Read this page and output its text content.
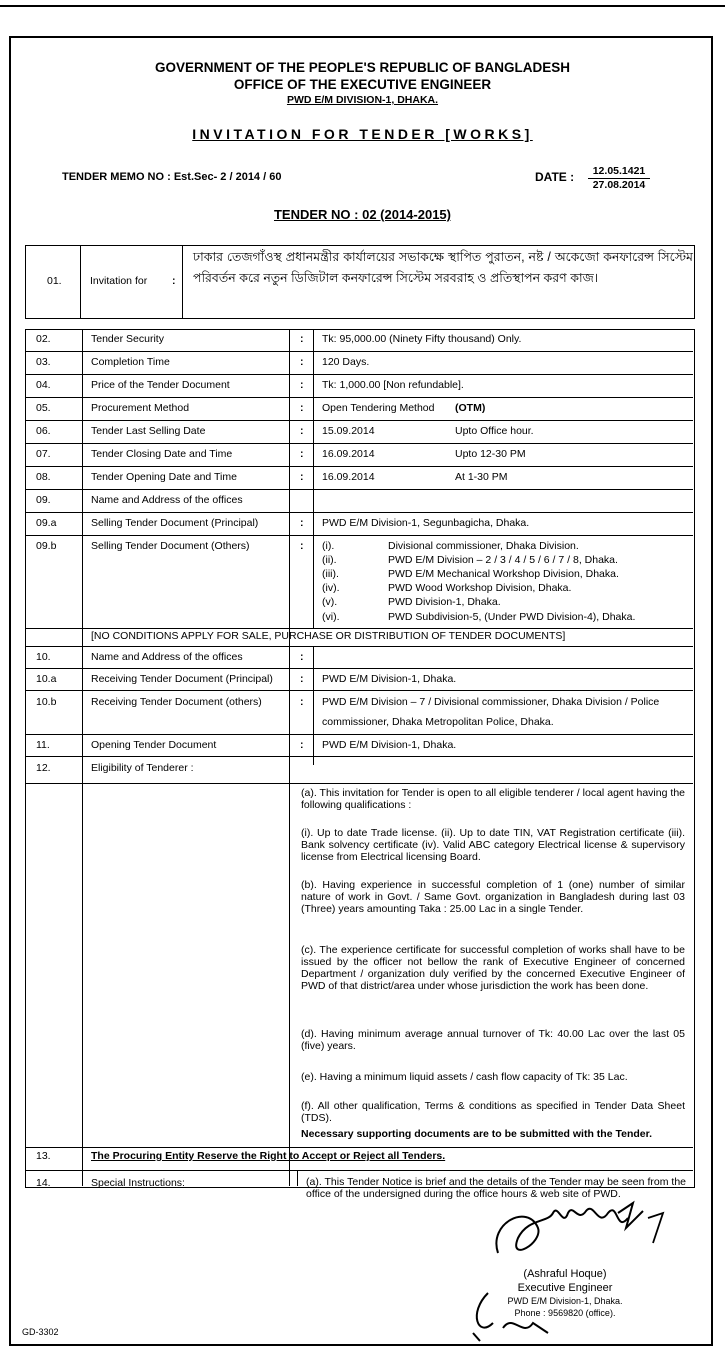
GOVERNMENT OF THE PEOPLE'S REPUBLIC OF BANGLADESH
OFFICE OF THE EXECUTIVE ENGINEER
PWD E/M DIVISION-1, DHAKA.
INVITATION FOR TENDER [WORKS]
TENDER MEMO NO : Est.Sec- 2 / 2014 / 60	DATE :	12.05.1421
27.08.2014
TENDER NO : 02 (2014-2015)
01.	Invitation for :
ঢাকার তেজগাঁওস্থ প্রধানমন্ত্রীর কার্যালয়ের সভাকক্ষে স্থাপিত পুরাতন, নষ্ট / অকেজো কনফারেন্স সিস্টেম পরিবর্তন করে নতুন ডিজিটাল কনফারেন্স সিস্টেম সরবরাহ ও প্রতিস্থাপন করণ কাজ।
02.	Tender Security	: Tk: 95,000.00 (Ninety Fifty thousand) Only.
03.	Completion Time	: 120 Days.
04.	Price of the Tender Document	: Tk: 1,000.00 [Non refundable].
05.	Procurement Method	: Open Tendering Method (OTM)
06.	Tender Last Selling Date	: 15.09.2014	Upto Office hour.
07.	Tender Closing Date and Time	: 16.09.2014	Upto 12-30 PM
08.	Tender Opening Date and Time	: 16.09.2014	At 1-30 PM
09.	Name and Address of the offices
09.a	Selling Tender Document (Principal)	: PWD E/M Division-1, Segunbagicha, Dhaka.
09.b	Selling Tender Document (Others)	: (i).	Divisional commissioner, Dhaka Division.
(ii).	PWD E/M Division – 2 / 3 / 4 / 5 / 6 / 7 / 8, Dhaka.
(iii).	PWD E/M Mechanical Workshop Division, Dhaka.
(iv).	PWD Wood Workshop Division, Dhaka.
(v).	PWD Division-1, Dhaka.
(vi).	PWD Subdivision-5, (Under PWD Division-4), Dhaka.
[NO CONDITIONS APPLY FOR SALE, PURCHASE OR DISTRIBUTION OF TENDER DOCUMENTS]
10.	Name and Address of the offices	:
10.a	Receiving Tender Document (Principal)	: PWD E/M Division-1, Dhaka.
10.b	Receiving Tender Document (others)	: PWD E/M Division – 7 / Divisional commissioner, Dhaka Division / Police
commissioner, Dhaka Metropolitan Police, Dhaka.
11.	Opening Tender Document	: PWD E/M Division-1, Dhaka.
12.	Eligibility of Tenderer :
(a). This invitation for Tender is open to all eligible tenderer / local agent having the following qualifications :
(i). Up to date Trade license. (ii). Up to date TIN, VAT Registration certificate (iii). Bank solvency certificate (iv). Valid ABC category Electrical license & supervisory license from Electrical licensing Board.
(b). Having experience in successful completion of 1 (one) number of similar nature of work in Govt. / Same Govt. organization in Bangladesh during last 03 (Three) years amounting Taka : 25.00 Lac in a single Tender.
(c). The experience certificate for successful completion of works shall have to be issued by the officer not bellow the rank of Executive Engineer of concerned Department / organization duly verified by the concerned Executive Engineer of PWD of that district/area under whose jurisdiction the work has been done.
(d). Having minimum average annual turnover of Tk: 40.00 Lac over the last 05 (five) years.
(e). Having a minimum liquid assets / cash flow capacity of Tk: 35 Lac.
(f). All other qualification, Terms & conditions as specified in Tender Data Sheet (TDS).
Necessary supporting documents are to be submitted with the Tender.
13.	The Procuring Entity Reserve the Right to Accept or Reject all Tenders.
14.	Special Instructions:	(a). This Tender Notice is brief and the details of the Tender may be seen from the office of the undersigned during the office hours & web site of PWD.
(Ashraful Hoque)
Executive Engineer
PWD E/M Division-1, Dhaka.
Phone : 9569820 (office).
GD-3302
